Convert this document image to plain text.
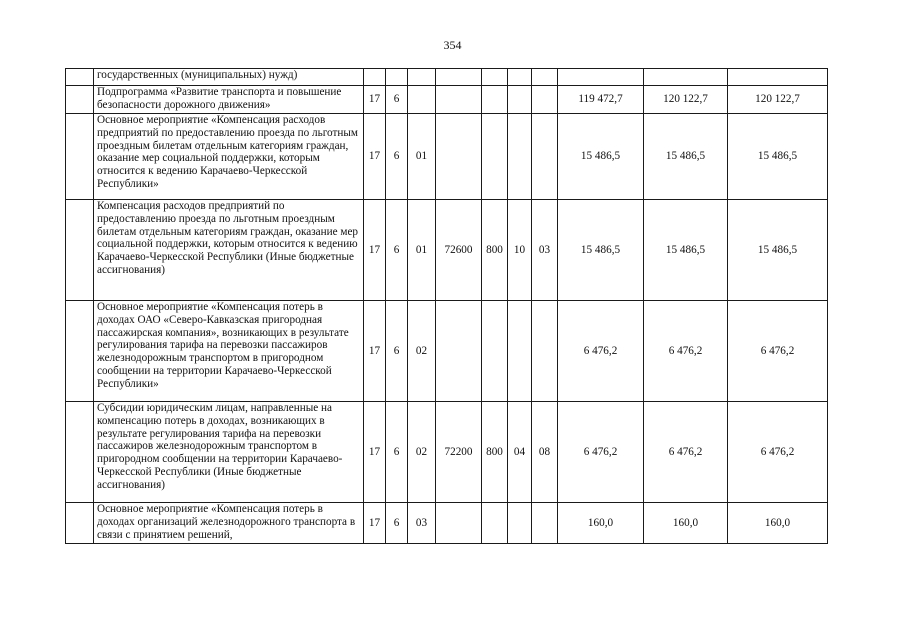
354
	государственных (муниципальных) нужд)										
	Подпрограмма «Развитие транспорта и повышение безопасности дорожного движения»	17	6						119 472,7	120 122,7	120 122,7
	Основное мероприятие «Компенсация расходов предприятий по предоставлению проезда по льготным проездным билетам отдельным категориям граждан, оказание мер социальной поддержки, которым относится к ведению Карачаево-Черкесской Республики»	17	6	01					15 486,5	15 486,5	15 486,5
	Компенсация расходов предприятий по предоставлению проезда по льготным проездным билетам отдельным категориям граждан, оказание мер социальной поддержки, которым относится к ведению Карачаево-Черкесской Республики (Иные бюджетные ассигнования)	17	6	01	72600	800	10	03	15 486,5	15 486,5	15 486,5
	Основное мероприятие «Компенсация потерь в доходах ОАО «Северо-Кавказская пригородная пассажирская компания», возникающих в результате регулирования тарифа на перевозки пассажиров железнодорожным транспортом в пригородном сообщении на территории Карачаево-Черкесской Республики»	17	6	02					6 476,2	6 476,2	6 476,2
	Субсидии юридическим лицам, направленные на компенсацию потерь в доходах, возникающих в результате регулирования тарифа на перевозки пассажиров железнодорожным транспортом в пригородном сообщении на территории Карачаево-Черкесской Республики (Иные бюджетные ассигнования)	17	6	02	72200	800	04	08	6 476,2	6 476,2	6 476,2
	Основное мероприятие «Компенсация потерь в доходах организаций железнодорожного транспорта в связи с принятием решений,	17	6	03					160,0	160,0	160,0
